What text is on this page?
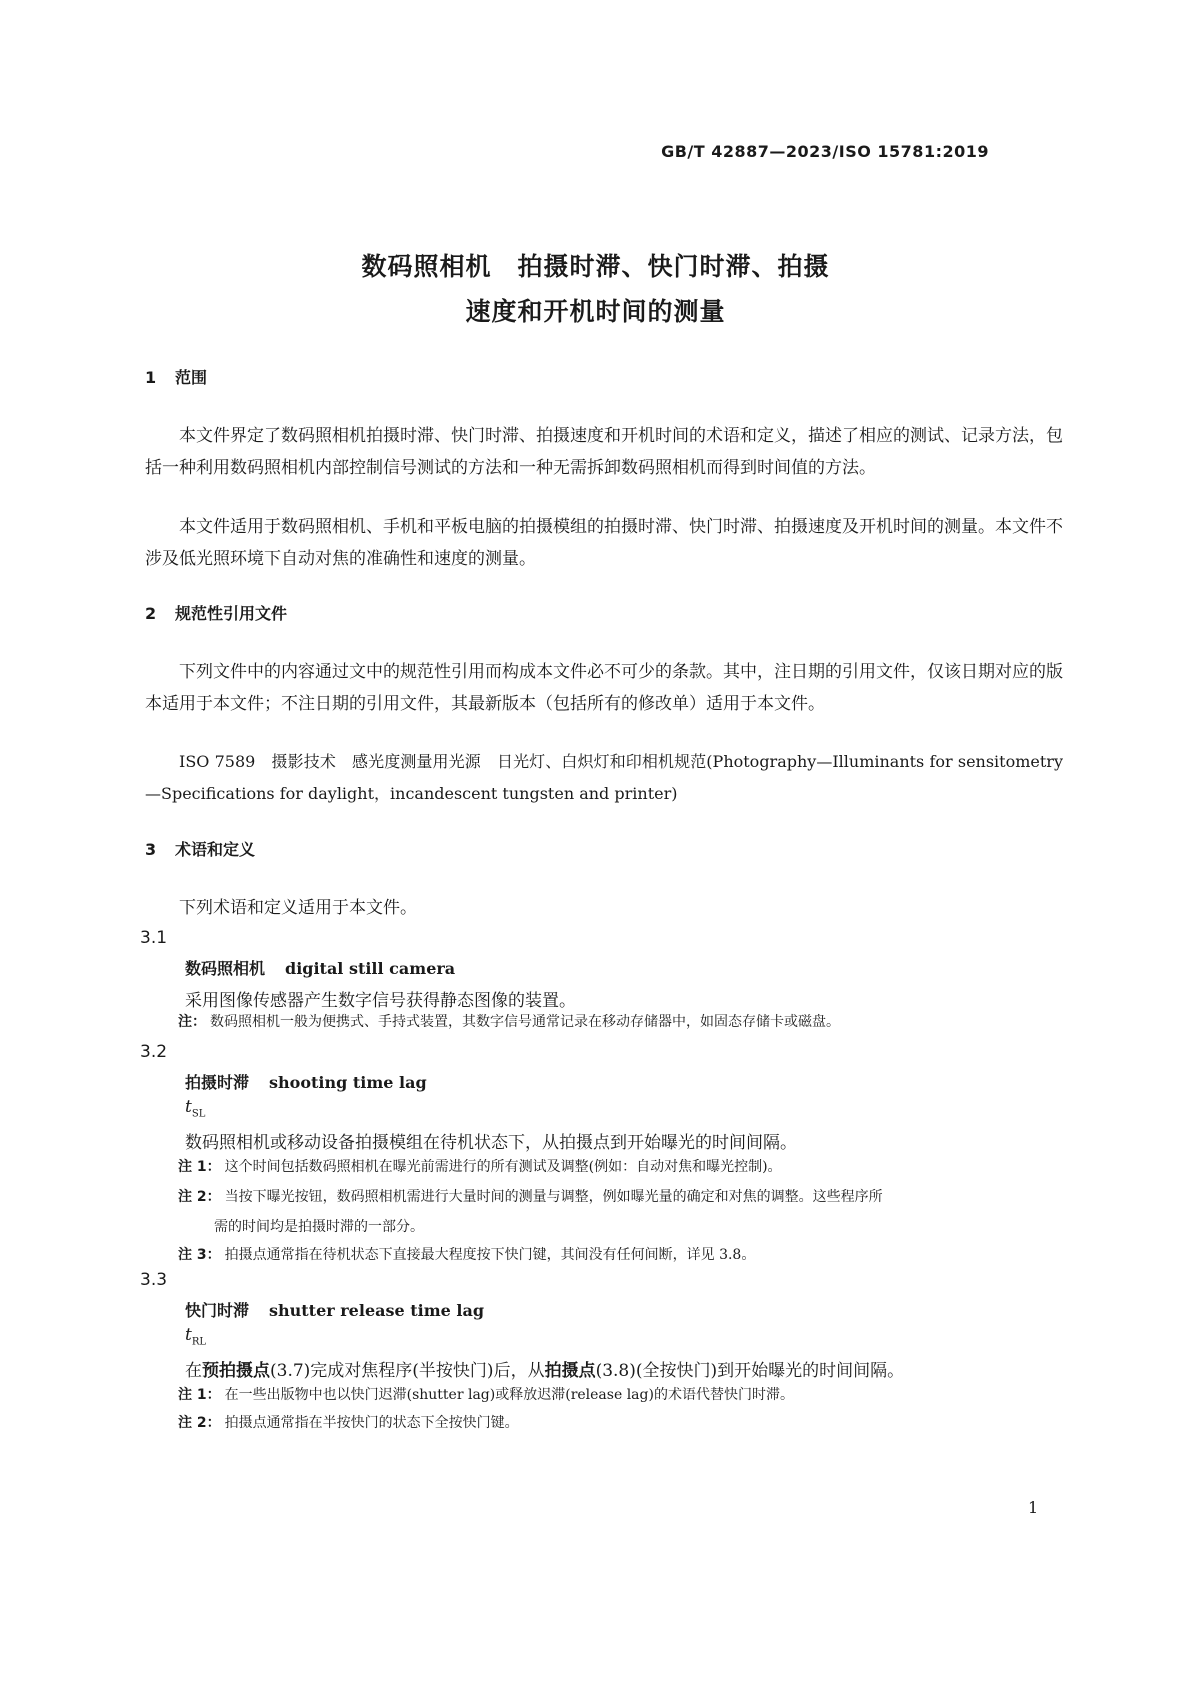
GB/T 42887—2023/ISO 15781:2019
数码照相机　拍摄时滞、快门时滞、拍摄
速度和开机时间的测量
1 范围
本文件界定了数码照相机拍摄时滞、快门时滞、拍摄速度和开机时间的术语和定义，描述了相应的测试、记录方法，包括一种利用数码照相机内部控制信号测试的方法和一种无需拆卸数码照相机而得到时间值的方法。
本文件适用于数码照相机、手机和平板电脑的拍摄模组的拍摄时滞、快门时滞、拍摄速度及开机时间的测量。本文件不涉及低光照环境下自动对焦的准确性和速度的测量。
2 规范性引用文件
下列文件中的内容通过文中的规范性引用而构成本文件必不可少的条款。其中，注日期的引用文件，仅该日期对应的版本适用于本文件；不注日期的引用文件，其最新版本（包括所有的修改单）适用于本文件。
ISO 7589　摄影技术　感光度测量用光源　日光灯、白炽灯和印相机规范(Photography—Illuminants for sensitometry—Specifications for daylight，incandescent tungsten and printer)
3 术语和定义
下列术语和定义适用于本文件。
3.1
数码照相机 digital still camera
采用图像传感器产生数字信号获得静态图像的装置。
注： 数码照相机一般为便携式、手持式装置，其数字信号通常记录在移动存储器中，如固态存储卡或磁盘。
3.2
拍摄时滞 shooting time lag
$t_{SL}$
数码照相机或移动设备拍摄模组在待机状态下，从拍摄点到开始曝光的时间间隔。
注 1： 这个时间包括数码照相机在曝光前需进行的所有测试及调整(例如：自动对焦和曝光控制)。
注 2： 当按下曝光按钮，数码照相机需进行大量时间的测量与调整，例如曝光量的确定和对焦的调整。这些程序所
需的时间均是拍摄时滞的一部分。
注 3： 拍摄点通常指在待机状态下直接最大程度按下快门键，其间没有任何间断，详见 3.8。
3.3
快门时滞 shutter release time lag
$t_{RL}$
在预拍摄点(3.7)完成对焦程序(半按快门)后，从拍摄点(3.8)(全按快门)到开始曝光的时间间隔。
注 1： 在一些出版物中也以快门迟滞(shutter lag)或释放迟滞(release lag)的术语代替快门时滞。
注 2： 拍摄点通常指在半按快门的状态下全按快门键。
1
